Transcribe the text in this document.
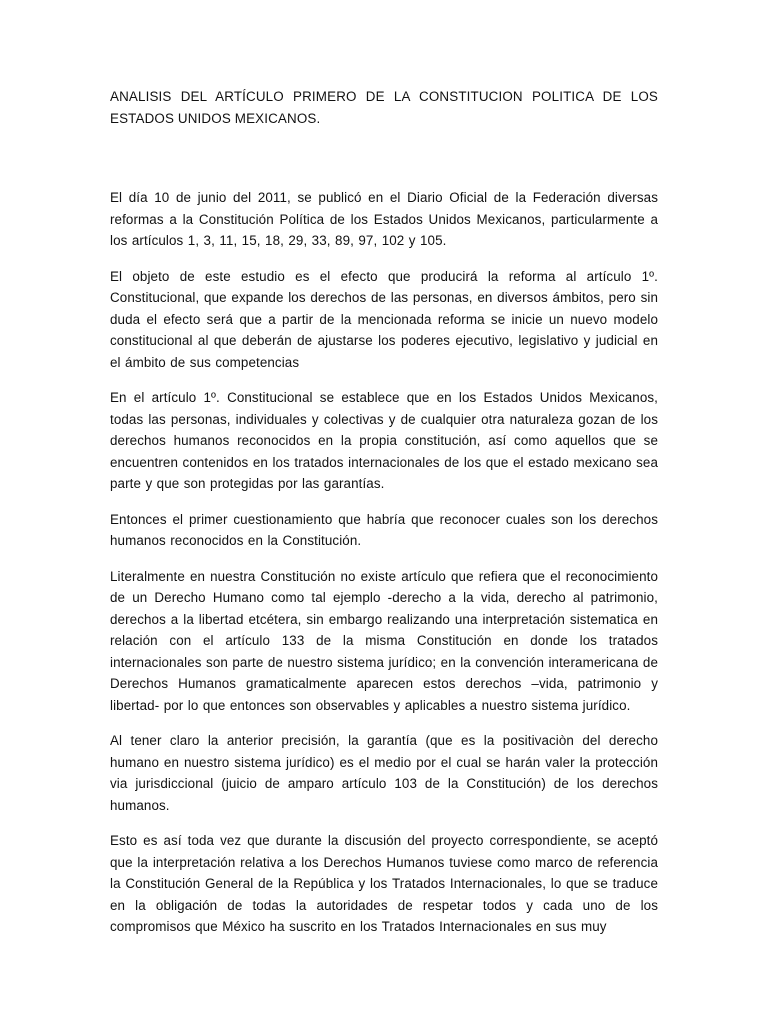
ANALISIS DEL ARTÍCULO PRIMERO DE LA CONSTITUCION POLITICA DE LOS ESTADOS UNIDOS MEXICANOS.

El día 10 de junio del 2011, se publicó en el Diario Oficial de la Federación diversas reformas a la Constitución Política de los Estados Unidos Mexicanos, particularmente a los artículos 1, 3, 11, 15, 18, 29, 33, 89, 97, 102 y 105.

El objeto de este estudio es el efecto que producirá la reforma al artículo 1º. Constitucional, que expande los derechos de las personas, en diversos ámbitos, pero sin duda el efecto será que a partir de la mencionada reforma se inicie un nuevo modelo constitucional al que deberán de ajustarse los poderes ejecutivo, legislativo y judicial en el ámbito de sus competencias

En el artículo 1º. Constitucional se establece que en los Estados Unidos Mexicanos, todas las personas, individuales y colectivas y de cualquier otra naturaleza gozan de los derechos humanos reconocidos en la propia constitución, así como aquellos que se encuentren contenidos en los tratados internacionales de los que el estado mexicano sea parte y que son protegidas por las garantías.

Entonces el primer cuestionamiento que habría que reconocer cuales son los derechos humanos reconocidos en la Constitución.

Literalmente en nuestra Constitución no existe artículo que refiera que el reconocimiento de un Derecho Humano como tal ejemplo -derecho a la vida, derecho al patrimonio, derechos a la libertad etcétera, sin embargo realizando una interpretación sistematica en relación con el artículo 133 de la misma Constitución en donde los tratados internacionales son parte de nuestro sistema jurídico; en la convención interamericana de Derechos Humanos gramaticalmente aparecen estos derechos –vida, patrimonio y libertad- por lo que entonces son observables y aplicables a nuestro sistema jurídico.

Al tener claro la anterior precisión, la garantía (que es la positivaciòn del derecho humano en nuestro sistema jurídico) es el medio por el cual se harán valer la protección via jurisdiccional (juicio de amparo artículo 103 de la Constitución) de los derechos humanos.

Esto es así toda vez que durante la discusión del proyecto correspondiente, se aceptó que la interpretación relativa a los Derechos Humanos tuviese como marco de referencia la Constitución General de la República y los Tratados Internacionales, lo que se traduce en la obligación de todas la autoridades de respetar todos y cada uno de los compromisos que México ha suscrito en los Tratados Internacionales en sus muy
